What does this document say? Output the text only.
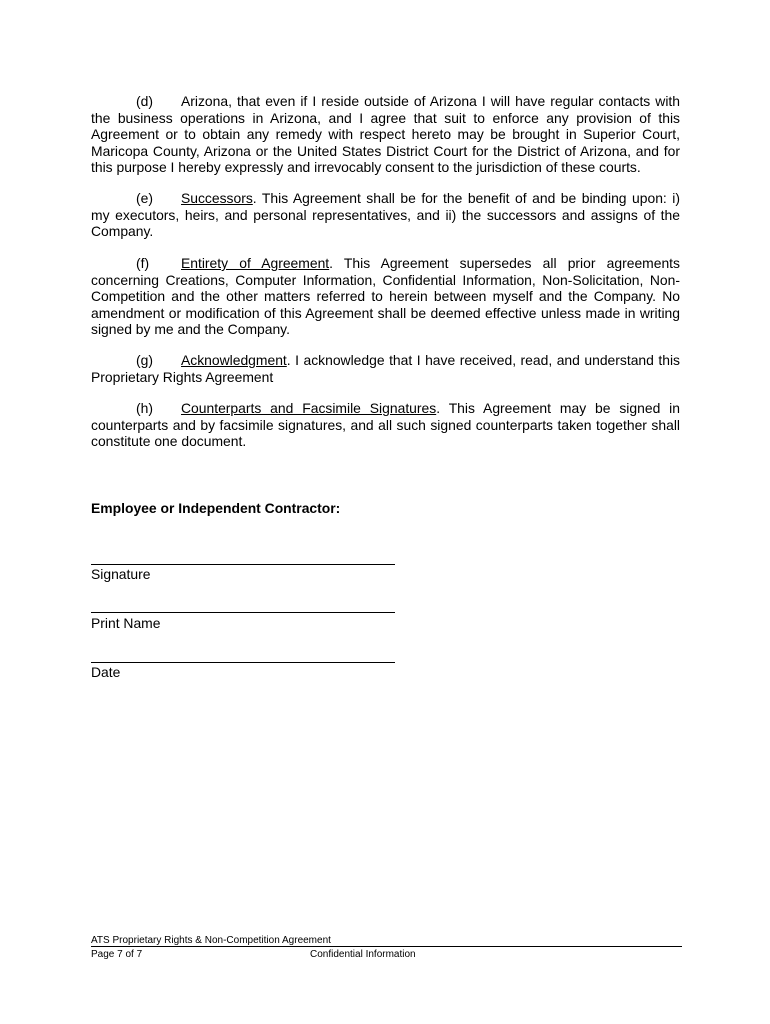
(d) Arizona, that even if I reside outside of Arizona I will have regular contacts with the business operations in Arizona, and I agree that suit to enforce any provision of this Agreement or to obtain any remedy with respect hereto may be brought in Superior Court, Maricopa County, Arizona or the United States District Court for the District of Arizona, and for this purpose I hereby expressly and irrevocably consent to the jurisdiction of these courts.

(e) Successors. This Agreement shall be for the benefit of and be binding upon: i) my executors, heirs, and personal representatives, and ii) the successors and assigns of the Company.

(f) Entirety of Agreement. This Agreement supersedes all prior agreements concerning Creations, Computer Information, Confidential Information, Non-Solicitation, Non-Competition and the other matters referred to herein between myself and the Company. No amendment or modification of this Agreement shall be deemed effective unless made in writing signed by me and the Company.

(g) Acknowledgment. I acknowledge that I have received, read, and understand this Proprietary Rights Agreement

(h) Counterparts and Facsimile Signatures. This Agreement may be signed in counterparts and by facsimile signatures, and all such signed counterparts taken together shall constitute one document.

Employee or Independent Contractor:

Signature
Print Name
Date
ATS Proprietary Rights & Non-Competition Agreement
Page 7 of 7	Confidential Information
